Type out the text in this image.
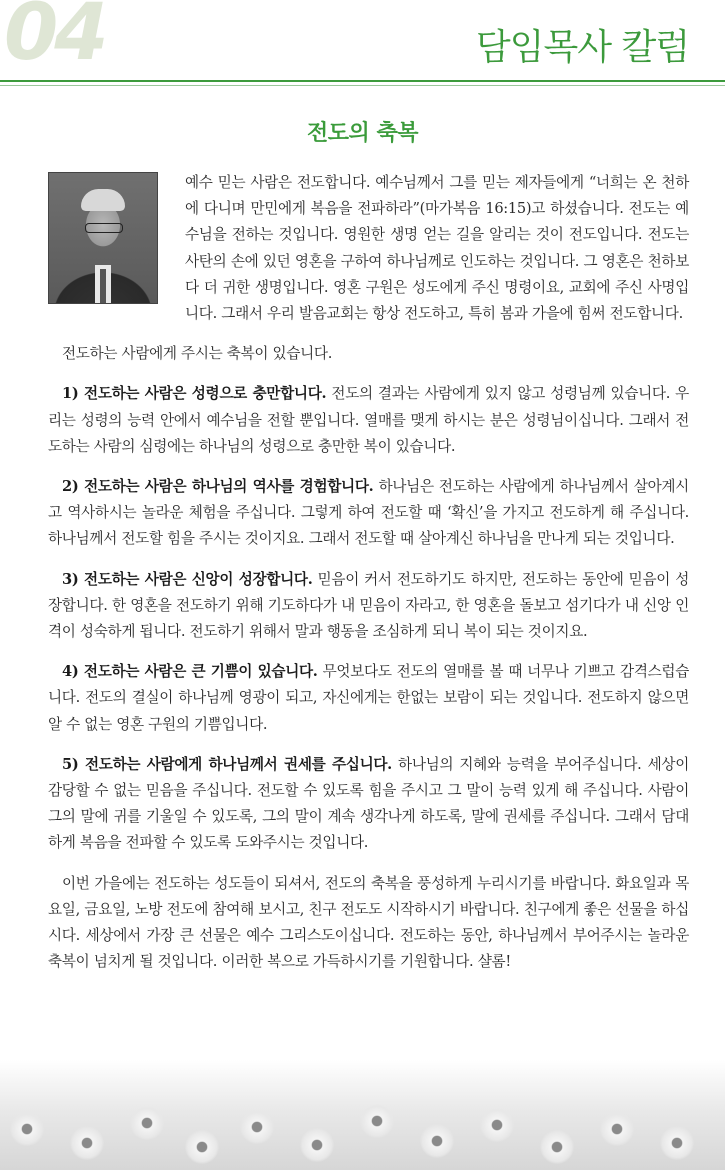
04	담임목사 칼럼
전도의 축복

예수 믿는 사람은 전도합니다. 예수님께서 그를 믿는 제자들에게 “너희는 온 천하에 다니며 만민에게 복음을 전파하라”(마가복음 16:15)고 하셨습니다. 전도는 예수님을 전하는 것입니다. 영원한 생명 얻는 길을 알리는 것이 전도입니다. 전도는 사탄의 손에 있던 영혼을 구하여 하나님께로 인도하는 것입니다. 그 영혼은 천하보다 더 귀한 생명입니다. 영혼 구원은 성도에게 주신 명령이요, 교회에 주신 사명입니다. 그래서 우리 발음교회는 항상 전도하고, 특히 봄과 가을에 힘써 전도합니다.

전도하는 사람에게 주시는 축복이 있습니다.

1) 전도하는 사람은 성령으로 충만합니다. 전도의 결과는 사람에게 있지 않고 성령님께 있습니다. 우리는 성령의 능력 안에서 예수님을 전할 뿐입니다. 열매를 맺게 하시는 분은 성령님이십니다. 그래서 전도하는 사람의 심령에는 하나님의 성령으로 충만한 복이 있습니다.

2) 전도하는 사람은 하나님의 역사를 경험합니다. 하나님은 전도하는 사람에게 하나님께서 살아계시고 역사하시는 놀라운 체험을 주십니다. 그렇게 하여 전도할 때 ‘확신’을 가지고 전도하게 해 주십니다. 하나님께서 전도할 힘을 주시는 것이지요. 그래서 전도할 때 살아계신 하나님을 만나게 되는 것입니다.

3) 전도하는 사람은 신앙이 성장합니다. 믿음이 커서 전도하기도 하지만, 전도하는 동안에 믿음이 성장합니다. 한 영혼을 전도하기 위해 기도하다가 내 믿음이 자라고, 한 영혼을 돌보고 섬기다가 내 신앙 인격이 성숙하게 됩니다. 전도하기 위해서 말과 행동을 조심하게 되니 복이 되는 것이지요.

4) 전도하는 사람은 큰 기쁨이 있습니다. 무엇보다도 전도의 열매를 볼 때 너무나 기쁘고 감격스럽습니다. 전도의 결실이 하나님께 영광이 되고, 자신에게는 한없는 보람이 되는 것입니다. 전도하지 않으면 알 수 없는 영혼 구원의 기쁨입니다.

5) 전도하는 사람에게 하나님께서 권세를 주십니다. 하나님의 지혜와 능력을 부어주십니다. 세상이 감당할 수 없는 믿음을 주십니다. 전도할 수 있도록 힘을 주시고 그 말이 능력 있게 해 주십니다. 사람이 그의 말에 귀를 기울일 수 있도록, 그의 말이 계속 생각나게 하도록, 말에 권세를 주십니다. 그래서 담대하게 복음을 전파할 수 있도록 도와주시는 것입니다.

이번 가을에는 전도하는 성도들이 되셔서, 전도의 축복을 풍성하게 누리시기를 바랍니다. 화요일과 목요일, 금요일, 노방 전도에 참여해 보시고, 친구 전도도 시작하시기 바랍니다. 친구에게 좋은 선물을 하십시다. 세상에서 가장 큰 선물은 예수 그리스도이십니다. 전도하는 동안, 하나님께서 부어주시는 놀라운 축복이 넘치게 될 것입니다. 이러한 복으로 가득하시기를 기원합니다. 샬롬!
